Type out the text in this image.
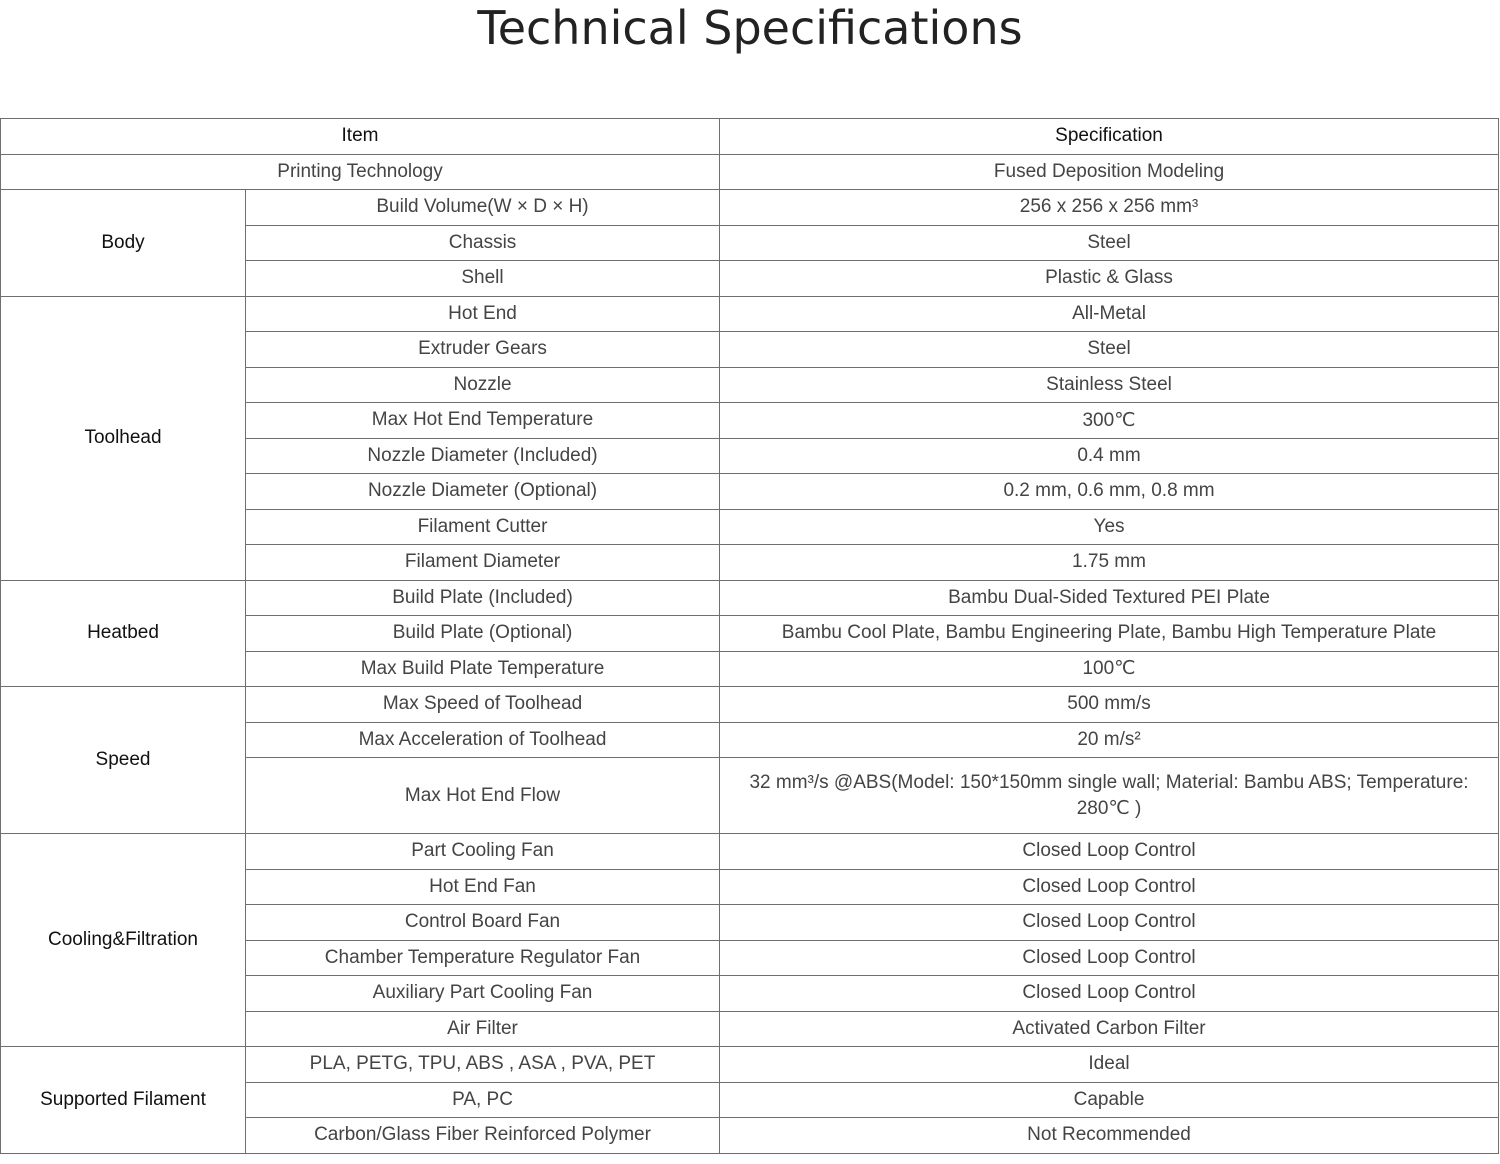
Technical Specifications
Item		Specification
Printing Technology		Fused Deposition Modeling
Body	Build Volume(W × D × H)	256 x 256 x 256 mm³
	Chassis	Steel
	Shell	Plastic & Glass
Toolhead	Hot End	All-Metal
	Extruder Gears	Steel
	Nozzle	Stainless Steel
	Max Hot End Temperature	300℃
	Nozzle Diameter (Included)	0.4 mm
	Nozzle Diameter (Optional)	0.2 mm, 0.6 mm, 0.8 mm
	Filament Cutter	Yes
	Filament Diameter	1.75 mm
Heatbed	Build Plate (Included)	Bambu Dual-Sided Textured PEI Plate
	Build Plate (Optional)	Bambu Cool Plate, Bambu Engineering Plate, Bambu High Temperature Plate
	Max Build Plate Temperature	100℃
Speed	Max Speed of Toolhead	500 mm/s
	Max Acceleration of Toolhead	20 m/s²
	Max Hot End Flow	32 mm³/s @ABS(Model: 150*150mm single wall; Material: Bambu ABS; Temperature: 280℃ )
Cooling&Filtration	Part Cooling Fan	Closed Loop Control
	Hot End Fan	Closed Loop Control
	Control Board Fan	Closed Loop Control
	Chamber Temperature Regulator Fan	Closed Loop Control
	Auxiliary Part Cooling Fan	Closed Loop Control
	Air Filter	Activated Carbon Filter
Supported Filament	PLA, PETG, TPU, ABS , ASA , PVA, PET	Ideal
	PA, PC	Capable
	Carbon/Glass Fiber Reinforced Polymer	Not Recommended
